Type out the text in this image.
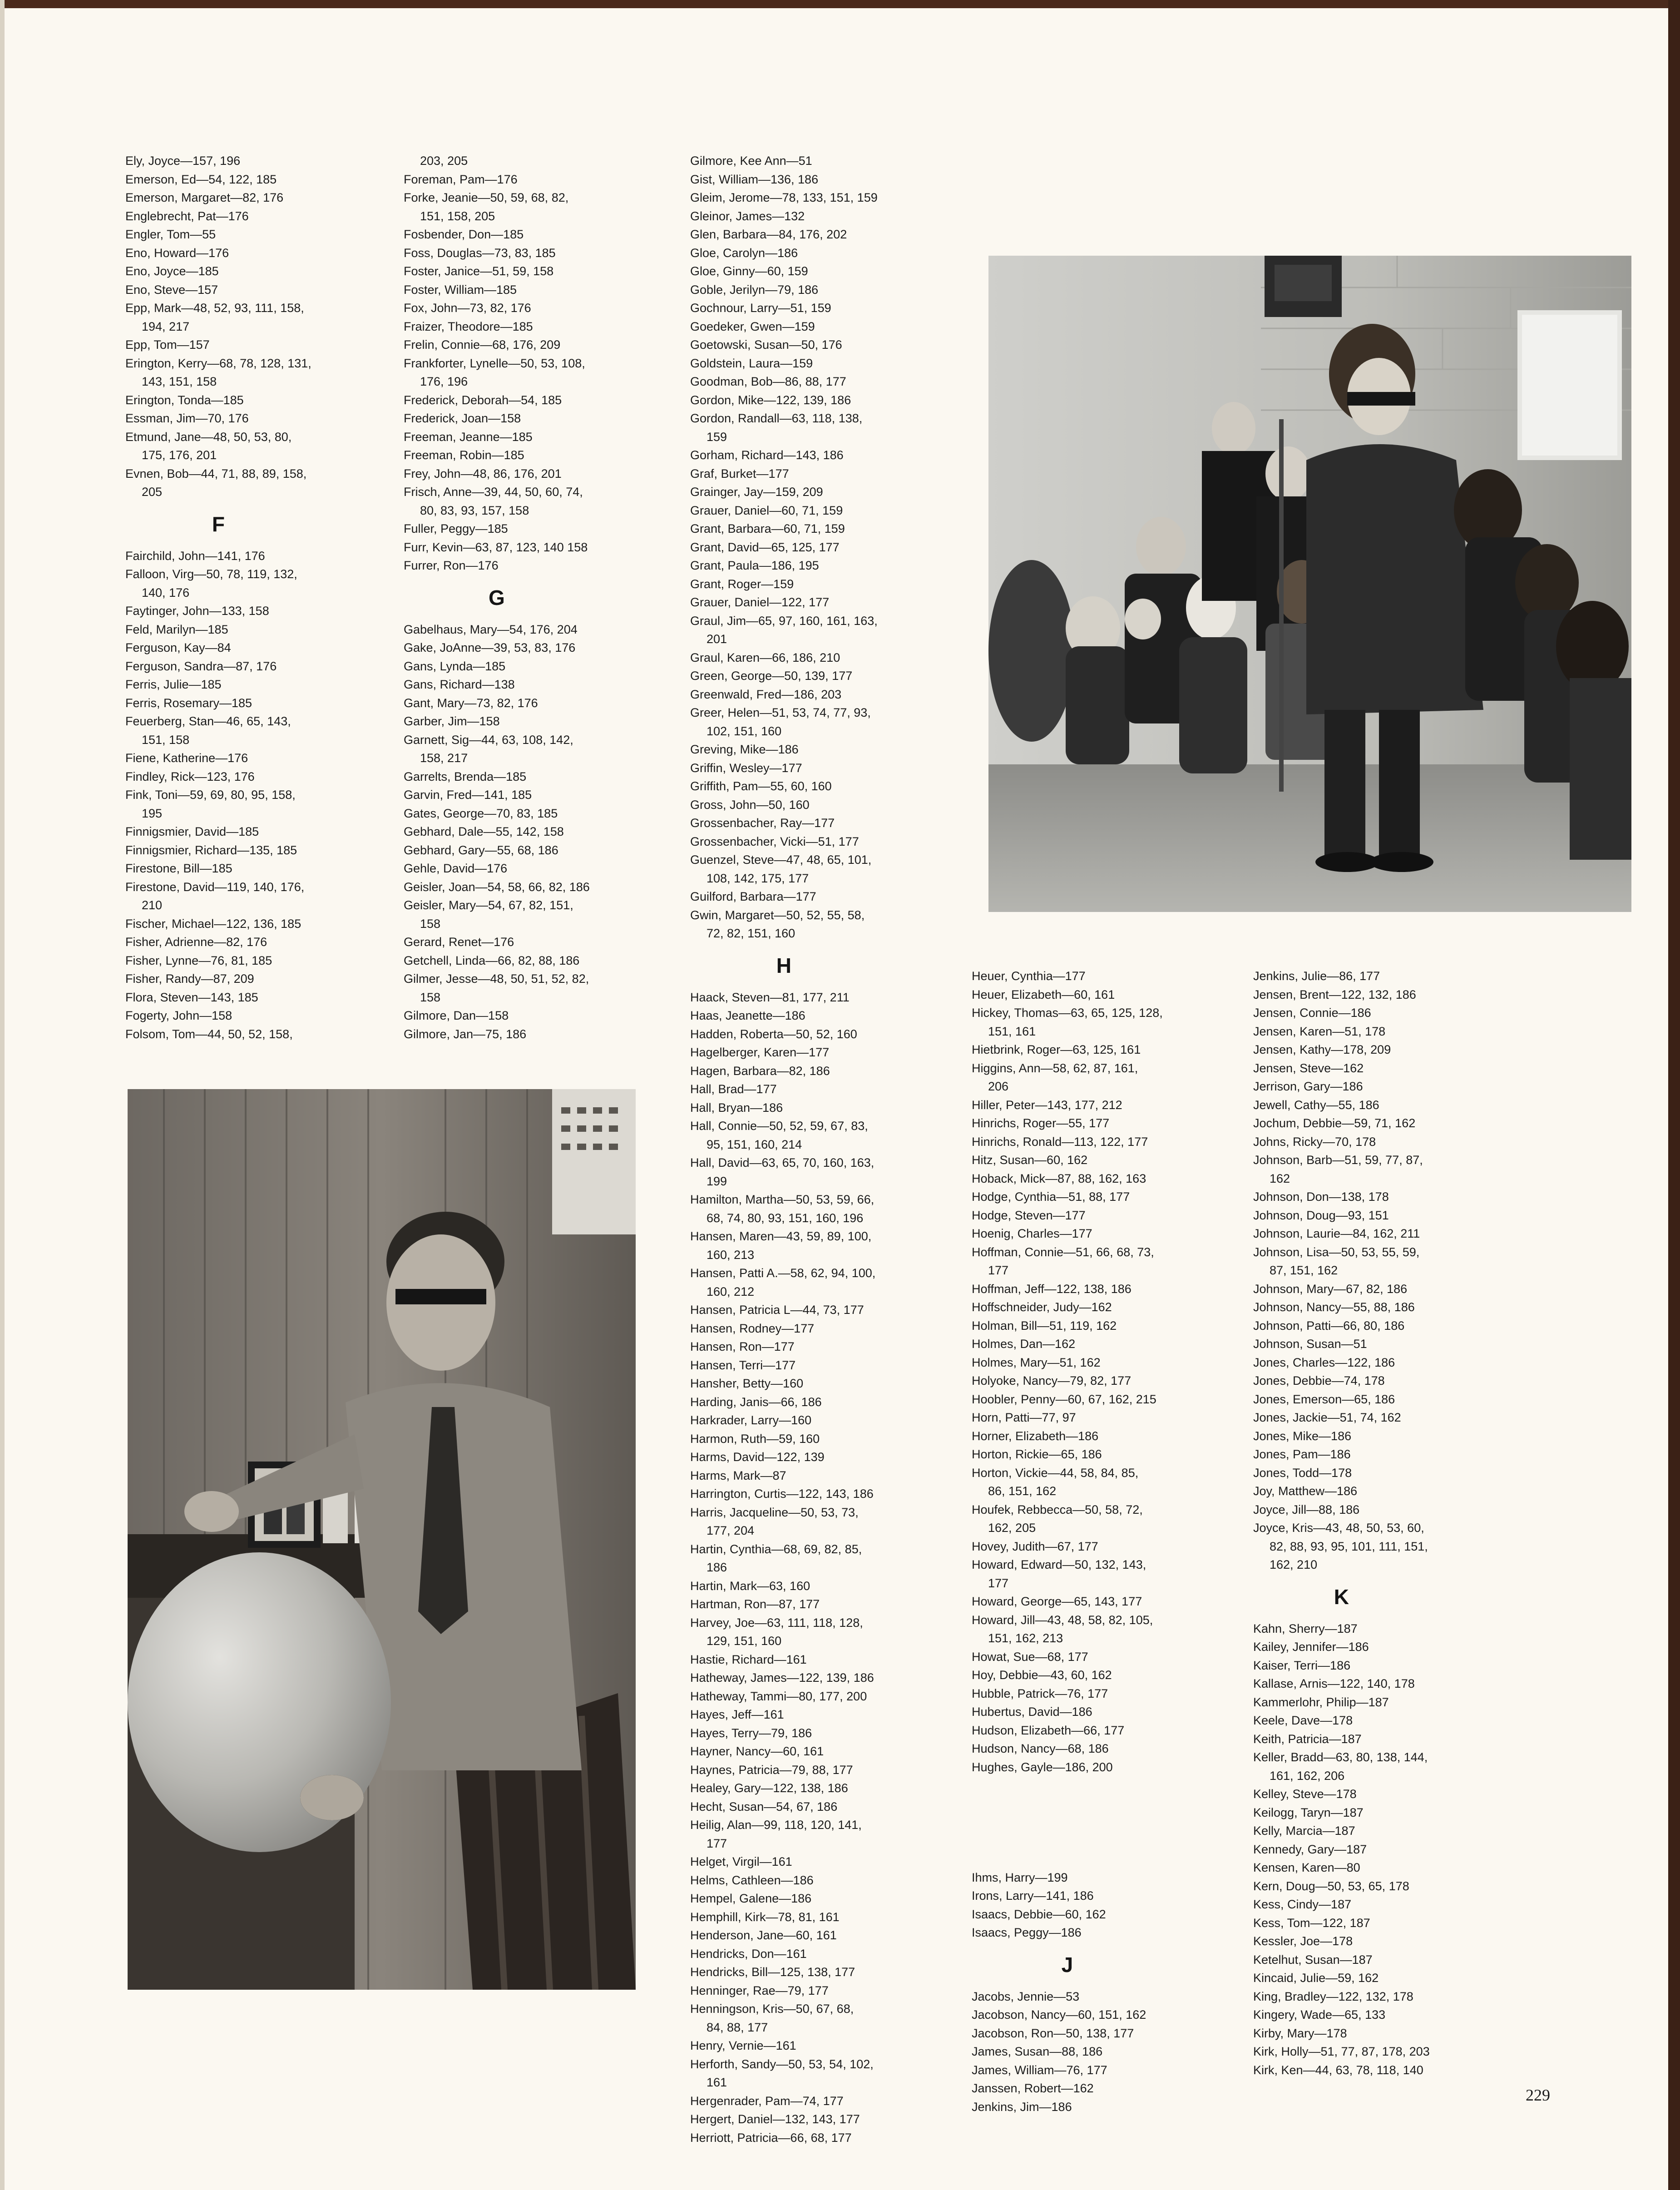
Ely, Joyce—157, 196
Emerson, Ed—54, 122, 185
Emerson, Margaret—82, 176
Englebrecht, Pat—176
Engler, Tom—55
Eno, Howard—176
Eno, Joyce—185
Eno, Steve—157
Epp, Mark—48, 52, 93, 111, 158,
194, 217
Epp, Tom—157
Erington, Kerry—68, 78, 128, 131,
143, 151, 158
Erington, Tonda—185
Essman, Jim—70, 176
Etmund, Jane—48, 50, 53, 80,
175, 176, 201
Evnen, Bob—44, 71, 88, 89, 158,
205
F
Fairchild, John—141, 176
Falloon, Virg—50, 78, 119, 132,
140, 176
Faytinger, John—133, 158
Feld, Marilyn—185
Ferguson, Kay—84
Ferguson, Sandra—87, 176
Ferris, Julie—185
Ferris, Rosemary—185
Feuerberg, Stan—46, 65, 143,
151, 158
Fiene, Katherine—176
Findley, Rick—123, 176
Fink, Toni—59, 69, 80, 95, 158,
195
Finnigsmier, David—185
Finnigsmier, Richard—135, 185
Firestone, Bill—185
Firestone, David—119, 140, 176,
210
Fischer, Michael—122, 136, 185
Fisher, Adrienne—82, 176
Fisher, Lynne—76, 81, 185
Fisher, Randy—87, 209
Flora, Steven—143, 185
Fogerty, John—158
Folsom, Tom—44, 50, 52, 158,
203, 205
Foreman, Pam—176
Forke, Jeanie—50, 59, 68, 82,
151, 158, 205
Fosbender, Don—185
Foss, Douglas—73, 83, 185
Foster, Janice—51, 59, 158
Foster, William—185
Fox, John—73, 82, 176
Fraizer, Theodore—185
Frelin, Connie—68, 176, 209
Frankforter, Lynelle—50, 53, 108,
176, 196
Frederick, Deborah—54, 185
Frederick, Joan—158
Freeman, Jeanne—185
Freeman, Robin—185
Frey, John—48, 86, 176, 201
Frisch, Anne—39, 44, 50, 60, 74,
80, 83, 93, 157, 158
Fuller, Peggy—185
Furr, Kevin—63, 87, 123, 140 158
Furrer, Ron—176
G
Gabelhaus, Mary—54, 176, 204
Gake, JoAnne—39, 53, 83, 176
Gans, Lynda—185
Gans, Richard—138
Gant, Mary—73, 82, 176
Garber, Jim—158
Garnett, Sig—44, 63, 108, 142,
158, 217
Garrelts, Brenda—185
Garvin, Fred—141, 185
Gates, George—70, 83, 185
Gebhard, Dale—55, 142, 158
Gebhard, Gary—55, 68, 186
Gehle, David—176
Geisler, Joan—54, 58, 66, 82, 186
Geisler, Mary—54, 67, 82, 151,
158
Gerard, Renet—176
Getchell, Linda—66, 82, 88, 186
Gilmer, Jesse—48, 50, 51, 52, 82,
158
Gilmore, Dan—158
Gilmore, Jan—75, 186
Gilmore, Kee Ann—51
Gist, William—136, 186
Gleim, Jerome—78, 133, 151, 159
Gleinor, James—132
Glen, Barbara—84, 176, 202
Gloe, Carolyn—186
Gloe, Ginny—60, 159
Goble, Jerilyn—79, 186
Gochnour, Larry—51, 159
Goedeker, Gwen—159
Goetowski, Susan—50, 176
Goldstein, Laura—159
Goodman, Bob—86, 88, 177
Gordon, Mike—122, 139, 186
Gordon, Randall—63, 118, 138,
159
Gorham, Richard—143, 186
Graf, Burket—177
Grainger, Jay—159, 209
Grauer, Daniel—60, 71, 159
Grant, Barbara—60, 71, 159
Grant, David—65, 125, 177
Grant, Paula—186, 195
Grant, Roger—159
Grauer, Daniel—122, 177
Graul, Jim—65, 97, 160, 161, 163,
201
Graul, Karen—66, 186, 210
Green, George—50, 139, 177
Greenwald, Fred—186, 203
Greer, Helen—51, 53, 74, 77, 93,
102, 151, 160
Greving, Mike—186
Griffin, Wesley—177
Griffith, Pam—55, 60, 160
Gross, John—50, 160
Grossenbacher, Ray—177
Grossenbacher, Vicki—51, 177
Guenzel, Steve—47, 48, 65, 101,
108, 142, 175, 177
Guilford, Barbara—177
Gwin, Margaret—50, 52, 55, 58,
72, 82, 151, 160
H
Haack, Steven—81, 177, 211
Haas, Jeanette—186
Hadden, Roberta—50, 52, 160
Hagelberger, Karen—177
Hagen, Barbara—82, 186
Hall, Brad—177
Hall, Bryan—186
Hall, Connie—50, 52, 59, 67, 83,
95, 151, 160, 214
Hall, David—63, 65, 70, 160, 163,
199
Hamilton, Martha—50, 53, 59, 66,
68, 74, 80, 93, 151, 160, 196
Hansen, Maren—43, 59, 89, 100,
160, 213
Hansen, Patti A.—58, 62, 94, 100,
160, 212
Hansen, Patricia L—44, 73, 177
Hansen, Rodney—177
Hansen, Ron—177
Hansen, Terri—177
Hansher, Betty—160
Harding, Janis—66, 186
Harkrader, Larry—160
Harmon, Ruth—59, 160
Harms, David—122, 139
Harms, Mark—87
Harrington, Curtis—122, 143, 186
Harris, Jacqueline—50, 53, 73,
177, 204
Hartin, Cynthia—68, 69, 82, 85,
186
Hartin, Mark—63, 160
Hartman, Ron—87, 177
Harvey, Joe—63, 111, 118, 128,
129, 151, 160
Hastie, Richard—161
Hatheway, James—122, 139, 186
Hatheway, Tammi—80, 177, 200
Hayes, Jeff—161
Hayes, Terry—79, 186
Hayner, Nancy—60, 161
Haynes, Patricia—79, 88, 177
Healey, Gary—122, 138, 186
Hecht, Susan—54, 67, 186
Heilig, Alan—99, 118, 120, 141,
177
Helget, Virgil—161
Helms, Cathleen—186
Hempel, Galene—186
Hemphill, Kirk—78, 81, 161
Henderson, Jane—60, 161
Hendricks, Don—161
Hendricks, Bill—125, 138, 177
Henninger, Rae—79, 177
Henningson, Kris—50, 67, 68,
84, 88, 177
Henry, Vernie—161
Herforth, Sandy—50, 53, 54, 102,
161
Hergenrader, Pam—74, 177
Hergert, Daniel—132, 143, 177
Herriott, Patricia—66, 68, 177
Heuer, Cynthia—177
Heuer, Elizabeth—60, 161
Hickey, Thomas—63, 65, 125, 128,
151, 161
Hietbrink, Roger—63, 125, 161
Higgins, Ann—58, 62, 87, 161,
206
Hiller, Peter—143, 177, 212
Hinrichs, Roger—55, 177
Hinrichs, Ronald—113, 122, 177
Hitz, Susan—60, 162
Hoback, Mick—87, 88, 162, 163
Hodge, Cynthia—51, 88, 177
Hodge, Steven—177
Hoenig, Charles—177
Hoffman, Connie—51, 66, 68, 73,
177
Hoffman, Jeff—122, 138, 186
Hoffschneider, Judy—162
Holman, Bill—51, 119, 162
Holmes, Dan—162
Holmes, Mary—51, 162
Holyoke, Nancy—79, 82, 177
Hoobler, Penny—60, 67, 162, 215
Horn, Patti—77, 97
Horner, Elizabeth—186
Horton, Rickie—65, 186
Horton, Vickie—44, 58, 84, 85,
86, 151, 162
Houfek, Rebbecca—50, 58, 72,
162, 205
Hovey, Judith—67, 177
Howard, Edward—50, 132, 143,
177
Howard, George—65, 143, 177
Howard, Jill—43, 48, 58, 82, 105,
151, 162, 213
Howat, Sue—68, 177
Hoy, Debbie—43, 60, 162
Hubble, Patrick—76, 177
Hubertus, David—186
Hudson, Elizabeth—66, 177
Hudson, Nancy—68, 186
Hughes, Gayle—186, 200

Ihms, Harry—199
Irons, Larry—141, 186
Isaacs, Debbie—60, 162
Isaacs, Peggy—186
J
Jacobs, Jennie—53
Jacobson, Nancy—60, 151, 162
Jacobson, Ron—50, 138, 177
James, Susan—88, 186
James, William—76, 177
Janssen, Robert—162
Jenkins, Jim—186
Jenkins, Julie—86, 177
Jensen, Brent—122, 132, 186
Jensen, Connie—186
Jensen, Karen—51, 178
Jensen, Kathy—178, 209
Jensen, Steve—162
Jerrison, Gary—186
Jewell, Cathy—55, 186
Jochum, Debbie—59, 71, 162
Johns, Ricky—70, 178
Johnson, Barb—51, 59, 77, 87,
162
Johnson, Don—138, 178
Johnson, Doug—93, 151
Johnson, Laurie—84, 162, 211
Johnson, Lisa—50, 53, 55, 59,
87, 151, 162
Johnson, Mary—67, 82, 186
Johnson, Nancy—55, 88, 186
Johnson, Patti—66, 80, 186
Johnson, Susan—51
Jones, Charles—122, 186
Jones, Debbie—74, 178
Jones, Emerson—65, 186
Jones, Jackie—51, 74, 162
Jones, Mike—186
Jones, Pam—186
Jones, Todd—178
Joy, Matthew—186
Joyce, Jill—88, 186
Joyce, Kris—43, 48, 50, 53, 60,
82, 88, 93, 95, 101, 111, 151,
162, 210
K
Kahn, Sherry—187
Kailey, Jennifer—186
Kaiser, Terri—186
Kallase, Arnis—122, 140, 178
Kammerlohr, Philip—187
Keele, Dave—178
Keith, Patricia—187
Keller, Bradd—63, 80, 138, 144,
161, 162, 206
Kelley, Steve—178
Keilogg, Taryn—187
Kelly, Marcia—187
Kennedy, Gary—187
Kensen, Karen—80
Kern, Doug—50, 53, 65, 178
Kess, Cindy—187
Kess, Tom—122, 187
Kessler, Joe—178
Ketelhut, Susan—187
Kincaid, Julie—59, 162
King, Bradley—122, 132, 178
Kingery, Wade—65, 133
Kirby, Mary—178
Kirk, Holly—51, 77, 87, 178, 203
Kirk, Ken—44, 63, 78, 118, 140
229
